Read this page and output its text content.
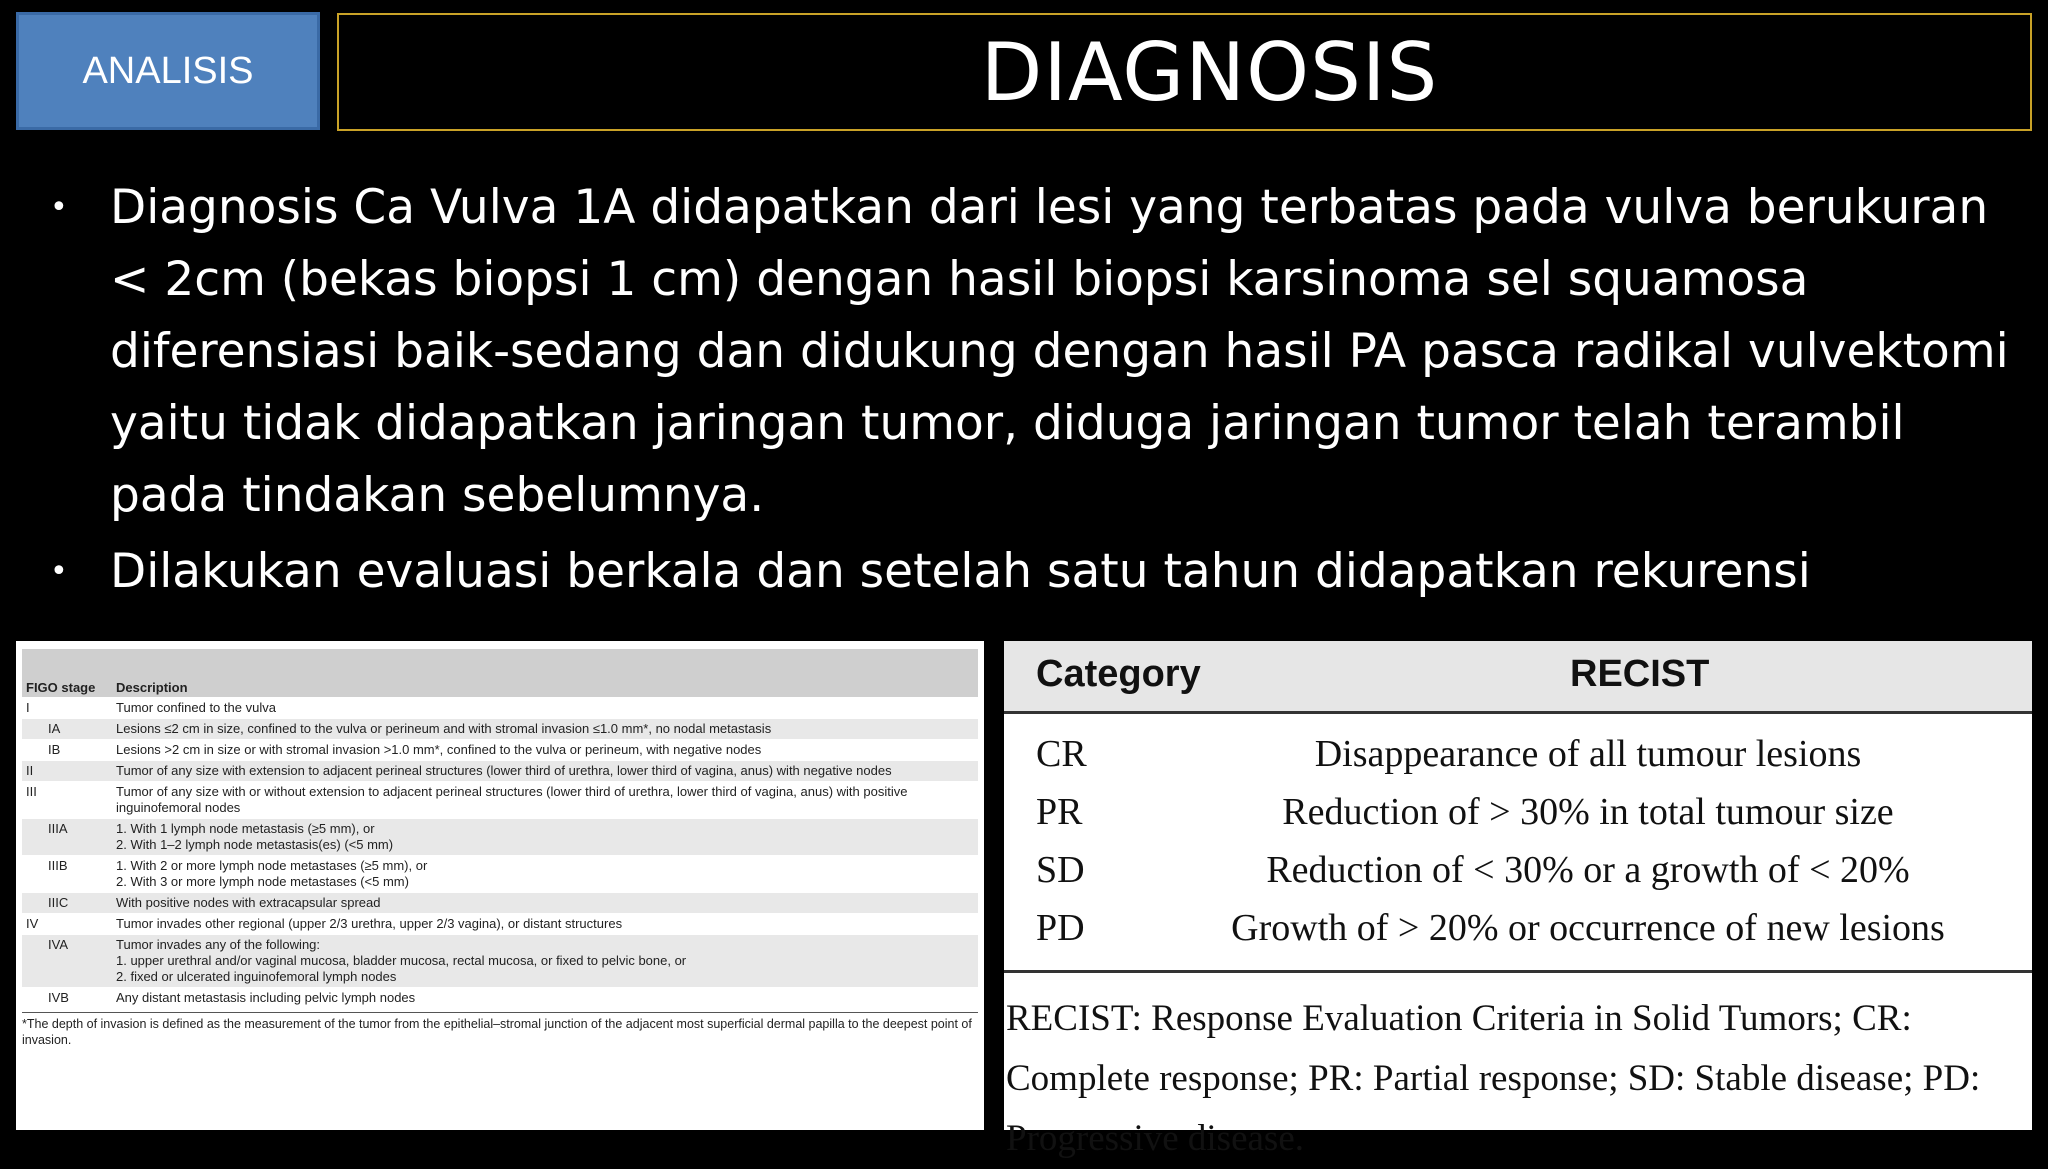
ANALISIS	DIAGNOSIS
• Diagnosis Ca Vulva 1A didapatkan dari lesi yang terbatas pada vulva berukuran < 2cm (bekas biopsi 1 cm) dengan hasil biopsi karsinoma sel squamosa diferensiasi baik-sedang dan didukung dengan hasil PA pasca radikal vulvektomi yaitu tidak didapatkan jaringan tumor, diduga jaringan tumor telah terambil pada tindakan sebelumnya.
• Dilakukan evaluasi berkala dan setelah satu tahun didapatkan rekurensi
FIGO stage	Description
I	Tumor confined to the vulva
IA	Lesions ≤2 cm in size, confined to the vulva or perineum and with stromal invasion ≤1.0 mm*, no nodal metastasis
IB	Lesions >2 cm in size or with stromal invasion >1.0 mm*, confined to the vulva or perineum, with negative nodes
II	Tumor of any size with extension to adjacent perineal structures (lower third of urethra, lower third of vagina, anus) with negative nodes
III	Tumor of any size with or without extension to adjacent perineal structures (lower third of urethra, lower third of vagina, anus) with positive inguinofemoral nodes
IIIA	1. With 1 lymph node metastasis (≥5 mm), or
2. With 1–2 lymph node metastasis(es) (<5 mm)
IIIB	1. With 2 or more lymph node metastases (≥5 mm), or
2. With 3 or more lymph node metastases (<5 mm)
IIIC	With positive nodes with extracapsular spread
IV	Tumor invades other regional (upper 2/3 urethra, upper 2/3 vagina), or distant structures
IVA	Tumor invades any of the following:
1. upper urethral and/or vaginal mucosa, bladder mucosa, rectal mucosa, or fixed to pelvic bone, or
2. fixed or ulcerated inguinofemoral lymph nodes
IVB	Any distant metastasis including pelvic lymph nodes
*The depth of invasion is defined as the measurement of the tumor from the epithelial–stromal junction of the adjacent most superficial dermal papilla to the deepest point of invasion.
Category	RECIST
CR	Disappearance of all tumour lesions
PR	Reduction of > 30% in total tumour size
SD	Reduction of < 30% or a growth of < 20%
PD	Growth of > 20% or occurrence of new lesions
RECIST: Response Evaluation Criteria in Solid Tumors; CR: Complete response; PR: Partial response; SD: Stable disease; PD: Progressive disease.
